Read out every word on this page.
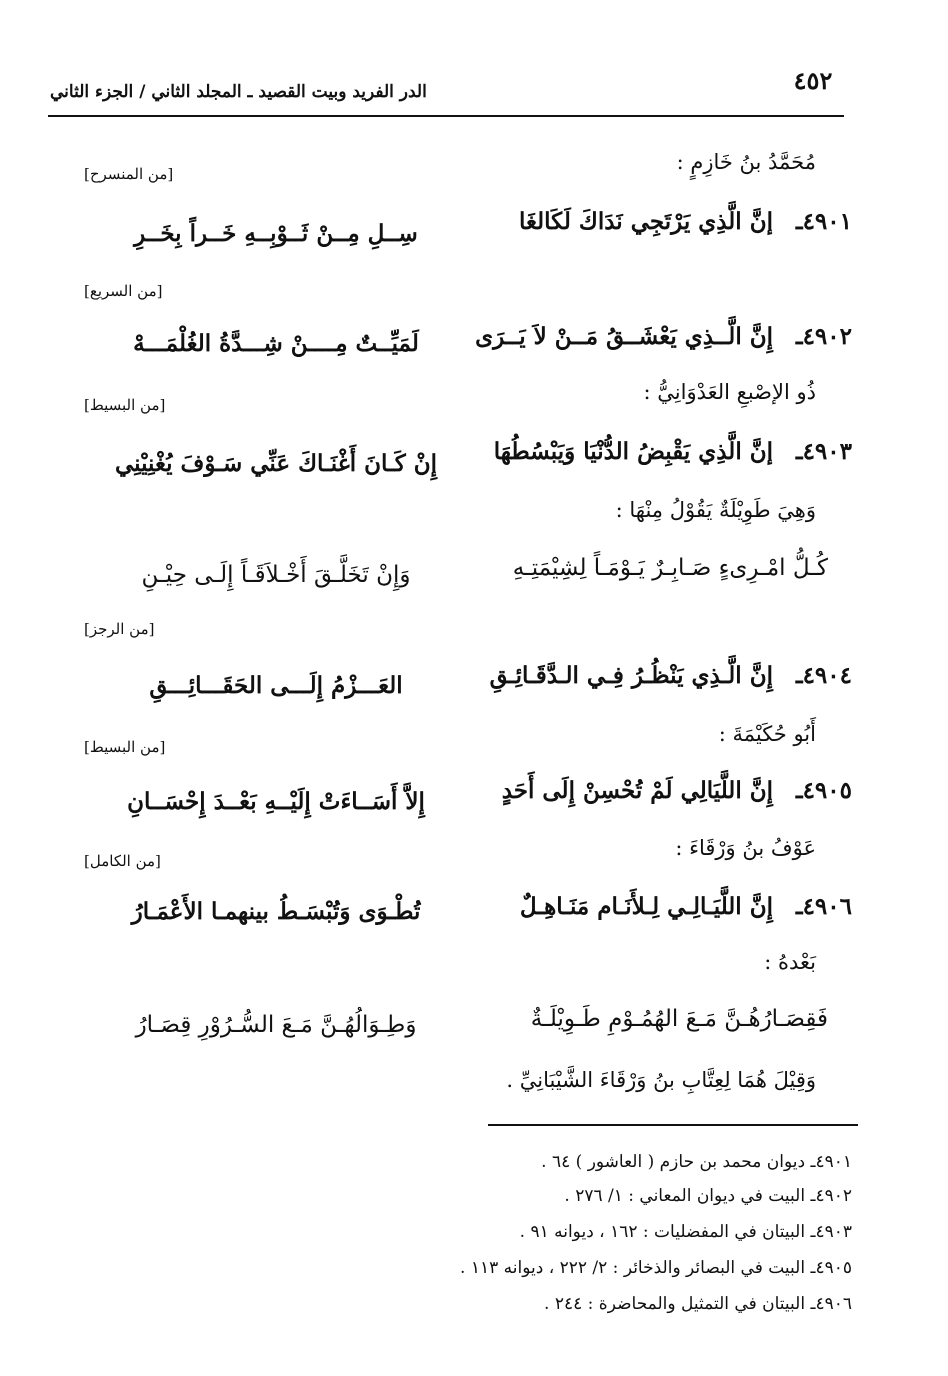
٤٥٢
الدر الفريد وبيت القصيد ـ المجلد الثاني / الجزء الثاني
مُحَمَّدُ بنُ خَازِمٍ :
[من المنسرح]
٤٩٠١ـ
إنَّ الَّذِي يَرْتَجِي نَدَاكَ لَكَالغَا
سِــلِ مِــنْ ثَــوْبِــهِ خَــراً بِخَــرِ
[من السريع]
٤٩٠٢ـ
إِنَّ الَّــذِي يَعْشَــقُ مَــنْ لاَ يَــرَى
لَمَيِّــتٌ مِــــنْ شِـــدَّةُ الغُلْمَـــهْ
ذُو الإصْبعِ العَدْوَانِيُّ :
[من البسيط]
٤٩٠٣ـ
إنَّ الَّذِي يَقْبِضُ الدُّنْيَا وَيَبْسُطُهَا
إِنْ كَـانَ أَغْنَـاكَ عَنِّي سَـوْفَ يُغْنِيْنِي
وَهِيَ طَوِيْلَةٌ يَقُوْلُ مِنْهَا :
كُـلُّ امْـرِىءٍ صَـابِـرٌ يَـوْمَـاً لِشِيْمَتِـهِ
وَإِنْ تَخَلَّـقَ أَخْـلاَقَـاً إِلَـى حِيْـنِ
[من الرجز]
٤٩٠٤ـ
إِنَّ الَّـذِي يَنْظُـرُ فِـي الـدَّقَـائِـقِ
العَـــزْمُ إِلَـــى الحَقَـــائِـــقِ
أَبُو حُكَيْمَةَ :
[من البسيط]
٤٩٠٥ـ
إِنَّ اللَّيَالِي لَمْ تُحْسِنْ إِلَى أَحَدٍ
إِلاَّ أَسَــاءَتْ إِلَيْــهِ بَعْــدَ إِحْسَــانِ
عَوْفُ بنُ وَرْقَاءَ :
[من الكامل]
٤٩٠٦ـ
إِنَّ اللَّيَـالِـي لِـلأَنَـام مَنَـاهِـلٌ
تُطْـوَى وَتُبْسَـطُ بينهمـا الأَعْمَـارُ
بَعْدهُ :
فَقِصَـارُهُـنَّ مَـعَ الهُمُـوْمِ طَـوِيْلَـةٌ
وَطِـوَالُهُـنَّ مَـعَ السُّـرُوْرِ قِصَـارُ
وَقِيْلَ هُمَا لِعِتَّابِ بنُ وَرْقَاءَ الشَّيْبَانِيِّ .
٤٩٠١ـ ديوان محمد بن حازم ( العاشور ) ٦٤ .
٤٩٠٢ـ البيت في ديوان المعاني : ١/ ٢٧٦ .
٤٩٠٣ـ البيتان في المفضليات : ١٦٢ ، ديوانه ٩١ .
٤٩٠٥ـ البيت في البصائر والذخائر : ٢/ ٢٢٢ ، ديوانه ١١٣ .
٤٩٠٦ـ البيتان في التمثيل والمحاضرة : ٢٤٤ .
